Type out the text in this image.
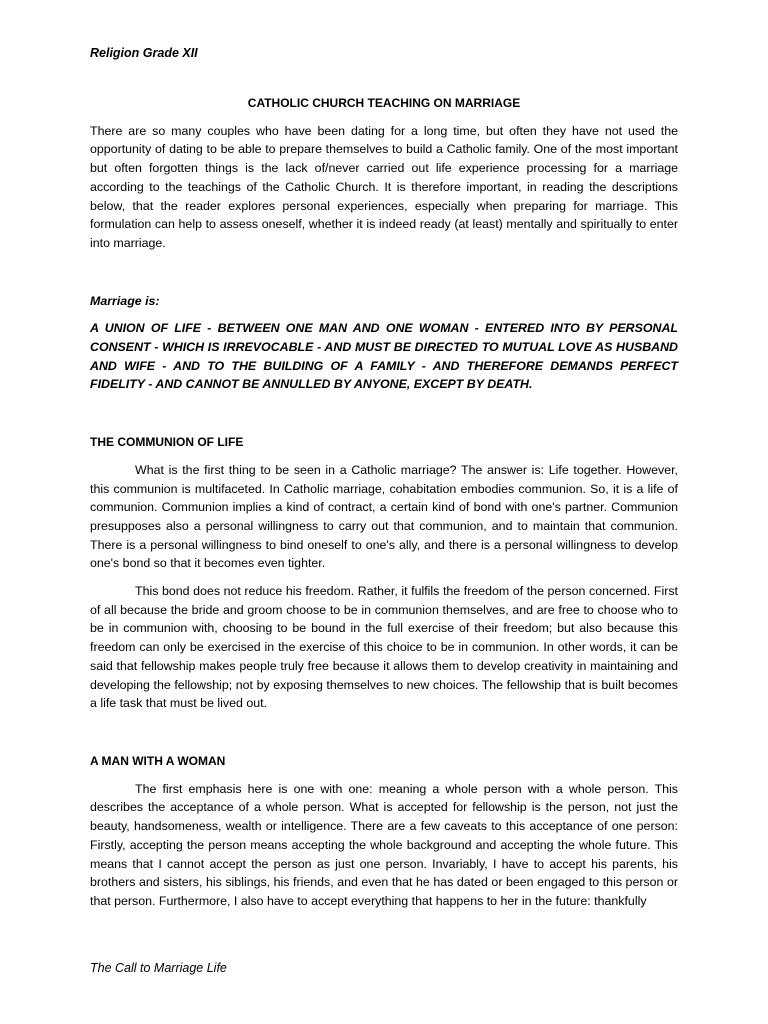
Religion Grade XII
CATHOLIC CHURCH TEACHING ON MARRIAGE

There are so many couples who have been dating for a long time, but often they have not used the opportunity of dating to be able to prepare themselves to build a Catholic family. One of the most important but often forgotten things is the lack of/never carried out life experience processing for a marriage according to the teachings of the Catholic Church. It is therefore important, in reading the descriptions below, that the reader explores personal experiences, especially when preparing for marriage. This formulation can help to assess oneself, whether it is indeed ready (at least) mentally and spiritually to enter into marriage.

Marriage is:

A UNION OF LIFE - BETWEEN ONE MAN AND ONE WOMAN - ENTERED INTO BY PERSONAL CONSENT - WHICH IS IRREVOCABLE - AND MUST BE DIRECTED TO MUTUAL LOVE AS HUSBAND AND WIFE - AND TO THE BUILDING OF A FAMILY - AND THEREFORE DEMANDS PERFECT FIDELITY - AND CANNOT BE ANNULLED BY ANYONE, EXCEPT BY DEATH.

THE COMMUNION OF LIFE

What is the first thing to be seen in a Catholic marriage? The answer is: Life together. However, this communion is multifaceted. In Catholic marriage, cohabitation embodies communion. So, it is a life of communion. Communion implies a kind of contract, a certain kind of bond with one's partner. Communion presupposes also a personal willingness to carry out that communion, and to maintain that communion. There is a personal willingness to bind oneself to one's ally, and there is a personal willingness to develop one's bond so that it becomes even tighter.

This bond does not reduce his freedom. Rather, it fulfils the freedom of the person concerned. First of all because the bride and groom choose to be in communion themselves, and are free to choose who to be in communion with, choosing to be bound in the full exercise of their freedom; but also because this freedom can only be exercised in the exercise of this choice to be in communion. In other words, it can be said that fellowship makes people truly free because it allows them to develop creativity in maintaining and developing the fellowship; not by exposing themselves to new choices. The fellowship that is built becomes a life task that must be lived out.

A MAN WITH A WOMAN

The first emphasis here is one with one: meaning a whole person with a whole person. This describes the acceptance of a whole person. What is accepted for fellowship is the person, not just the beauty, handsomeness, wealth or intelligence. There are a few caveats to this acceptance of one person: Firstly, accepting the person means accepting the whole background and accepting the whole future. This means that I cannot accept the person as just one person. Invariably, I have to accept his parents, his brothers and sisters, his siblings, his friends, and even that he has dated or been engaged to this person or that person. Furthermore, I also have to accept everything that happens to her in the future: thankfully

The Call to Marriage Life
